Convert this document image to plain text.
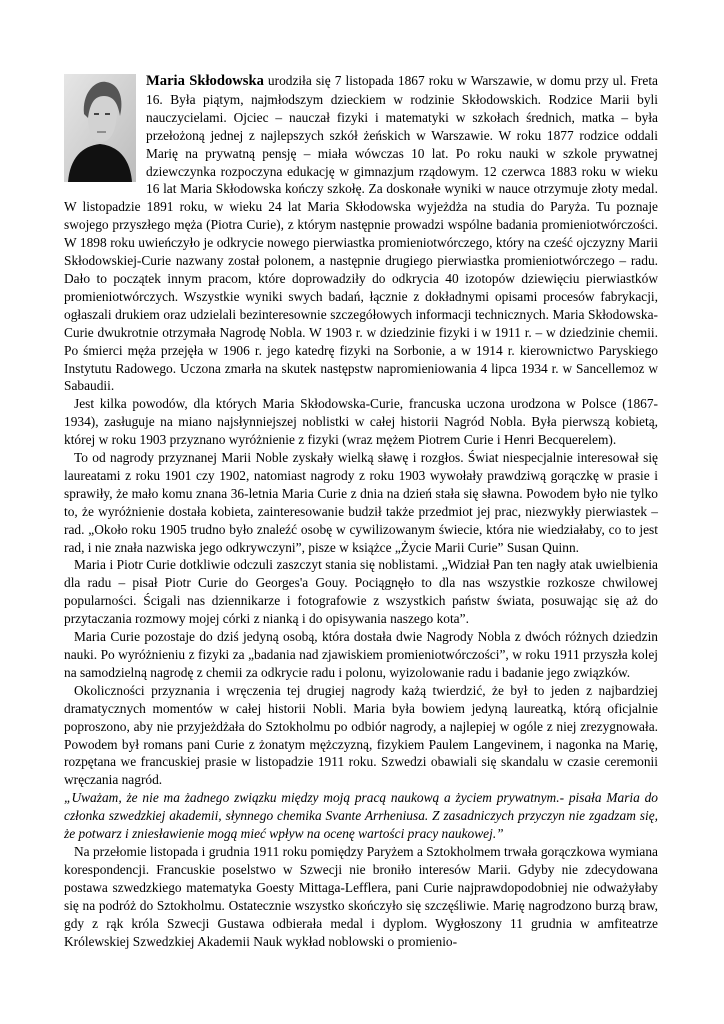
Maria Skłodowska urodziła się 7 listopada 1867 roku w Warszawie, w domu przy ul. Freta 16. Była piątym, najmłodszym dzieckiem w rodzinie Skłodowskich. Rodzice Marii byli nauczycielami. Ojciec – nauczał fizyki i matematyki w szkołach średnich, matka – była przełożoną jednej z najlepszych szkół żeńskich w Warszawie. W roku 1877 rodzice oddali Marię na prywatną pensję – miała wówczas 10 lat. Po roku nauki w szkole prywatnej dziewczynka rozpoczyna edukację w gimnazjum rządowym. 12 czerwca 1883 roku w wieku 16 lat Maria Skłodowska kończy szkołę. Za doskonałe wyniki w nauce otrzymuje złoty medal. W listopadzie 1891 roku, w wieku 24 lat Maria Skłodowska wyjeżdża na studia do Paryża. Tu poznaje swojego przyszłego męża (Piotra Curie), z którym następnie prowadzi wspólne badania promieniotwórczości. W 1898 roku uwieńczyło je odkrycie nowego pierwiastka promieniotwórczego, który na cześć ojczyzny Marii Skłodowskiej-Curie nazwany został polonem, a następnie drugiego pierwiastka promieniotwórczego – radu. Dało to początek innym pracom, które doprowadziły do odkrycia 40 izotopów dziewięciu pierwiastków promieniotwórczych. Wszystkie wyniki swych badań, łącznie z dokładnymi opisami procesów fabrykacji, ogłaszali drukiem oraz udzielali bezinteresownie szczegółowych informacji technicznych. Maria Skłodowska-Curie dwukrotnie otrzymała Nagrodę Nobla. W 1903 r. w dziedzinie fizyki i w 1911 r. – w dziedzinie chemii. Po śmierci męża przejęła w 1906 r. jego katedrę fizyki na Sorbonie, a w 1914 r. kierownictwo Paryskiego Instytutu Radowego. Uczona zmarła na skutek następstw napromieniowania 4 lipca 1934 r. w Sancellemoz w Sabaudii.

Jest kilka powodów, dla których Maria Skłodowska-Curie, francuska uczona urodzona w Polsce (1867-1934), zasługuje na miano najsłynniejszej noblistki w całej historii Nagród Nobla. Była pierwszą kobietą, której w roku 1903 przyznano wyróżnienie z fizyki (wraz mężem Piotrem Curie i Henri Becquerelem).

To od nagrody przyznanej Marii Noble zyskały wielką sławę i rozgłos. Świat niespecjalnie interesował się laureatami z roku 1901 czy 1902, natomiast nagrody z roku 1903 wywołały prawdziwą gorączkę w prasie i sprawiły, że mało komu znana 36-letnia Maria Curie z dnia na dzień stała się sławna. Powodem było nie tylko to, że wyróżnienie dostała kobieta, zainteresowanie budził także przedmiot jej prac, niezwykły pierwiastek – rad. „Około roku 1905 trudno było znaleźć osobę w cywilizowanym świecie, która nie wiedziałaby, co to jest rad, i nie znała nazwiska jego odkrywczyni”, pisze w książce „Życie Marii Curie” Susan Quinn.

Maria i Piotr Curie dotkliwie odczuli zaszczyt stania się noblistami. „Widział Pan ten nagły atak uwielbienia dla radu – pisał Piotr Curie do Georges'a Gouy. Pociągnęło to dla nas wszystkie rozkosze chwilowej popularności. Ścigali nas dziennikarze i fotografowie z wszystkich państw świata, posuwając się aż do przytaczania rozmowy mojej córki z nianką i do opisywania naszego kota”.

Maria Curie pozostaje do dziś jedyną osobą, która dostała dwie Nagrody Nobla z dwóch różnych dziedzin nauki. Po wyróżnieniu z fizyki za „badania nad zjawiskiem promieniotwórczości”, w roku 1911 przyszła kolej na samodzielną nagrodę z chemii za odkrycie radu i polonu, wyizolowanie radu i badanie jego związków.

Okoliczności przyznania i wręczenia tej drugiej nagrody każą twierdzić, że był to jeden z najbardziej dramatycznych momentów w całej historii Nobli. Maria była bowiem jedyną laureatką, którą oficjalnie poproszono, aby nie przyjeżdżała do Sztokholmu po odbiór nagrody, a najlepiej w ogóle z niej zrezygnowała. Powodem był romans pani Curie z żonatym mężczyzną, fizykiem Paulem Langevinem, i nagonka na Marię, rozpętana we francuskiej prasie w listopadzie 1911 roku. Szwedzi obawiali się skandalu w czasie ceremonii wręczania nagród.

„Uważam, że nie ma żadnego związku między moją pracą naukową a życiem prywatnym.- pisała Maria do członka szwedzkiej akademii, słynnego chemika Svante Arrheniusa. Z zasadniczych przyczyn nie zgadzam się, że potwarz i zniesławienie mogą mieć wpływ na ocenę wartości pracy naukowej.”

Na przełomie listopada i grudnia 1911 roku pomiędzy Paryżem a Sztokholmem trwała gorączkowa wymiana korespondencji. Francuskie poselstwo w Szwecji nie broniło interesów Marii. Gdyby nie zdecydowana postawa szwedzkiego matematyka Goesty Mittaga-Lefflera, pani Curie najprawdopodobniej nie odważyłaby się na podróż do Sztokholmu. Ostatecznie wszystko skończyło się szczęśliwie. Marię nagrodzono burzą braw, gdy z rąk króla Szwecji Gustawa odbierała medal i dyplom. Wygłoszony 11 grudnia w amfiteatrze Królewskiej Szwedzkiej Akademii Nauk wykład noblowski o promienio-
